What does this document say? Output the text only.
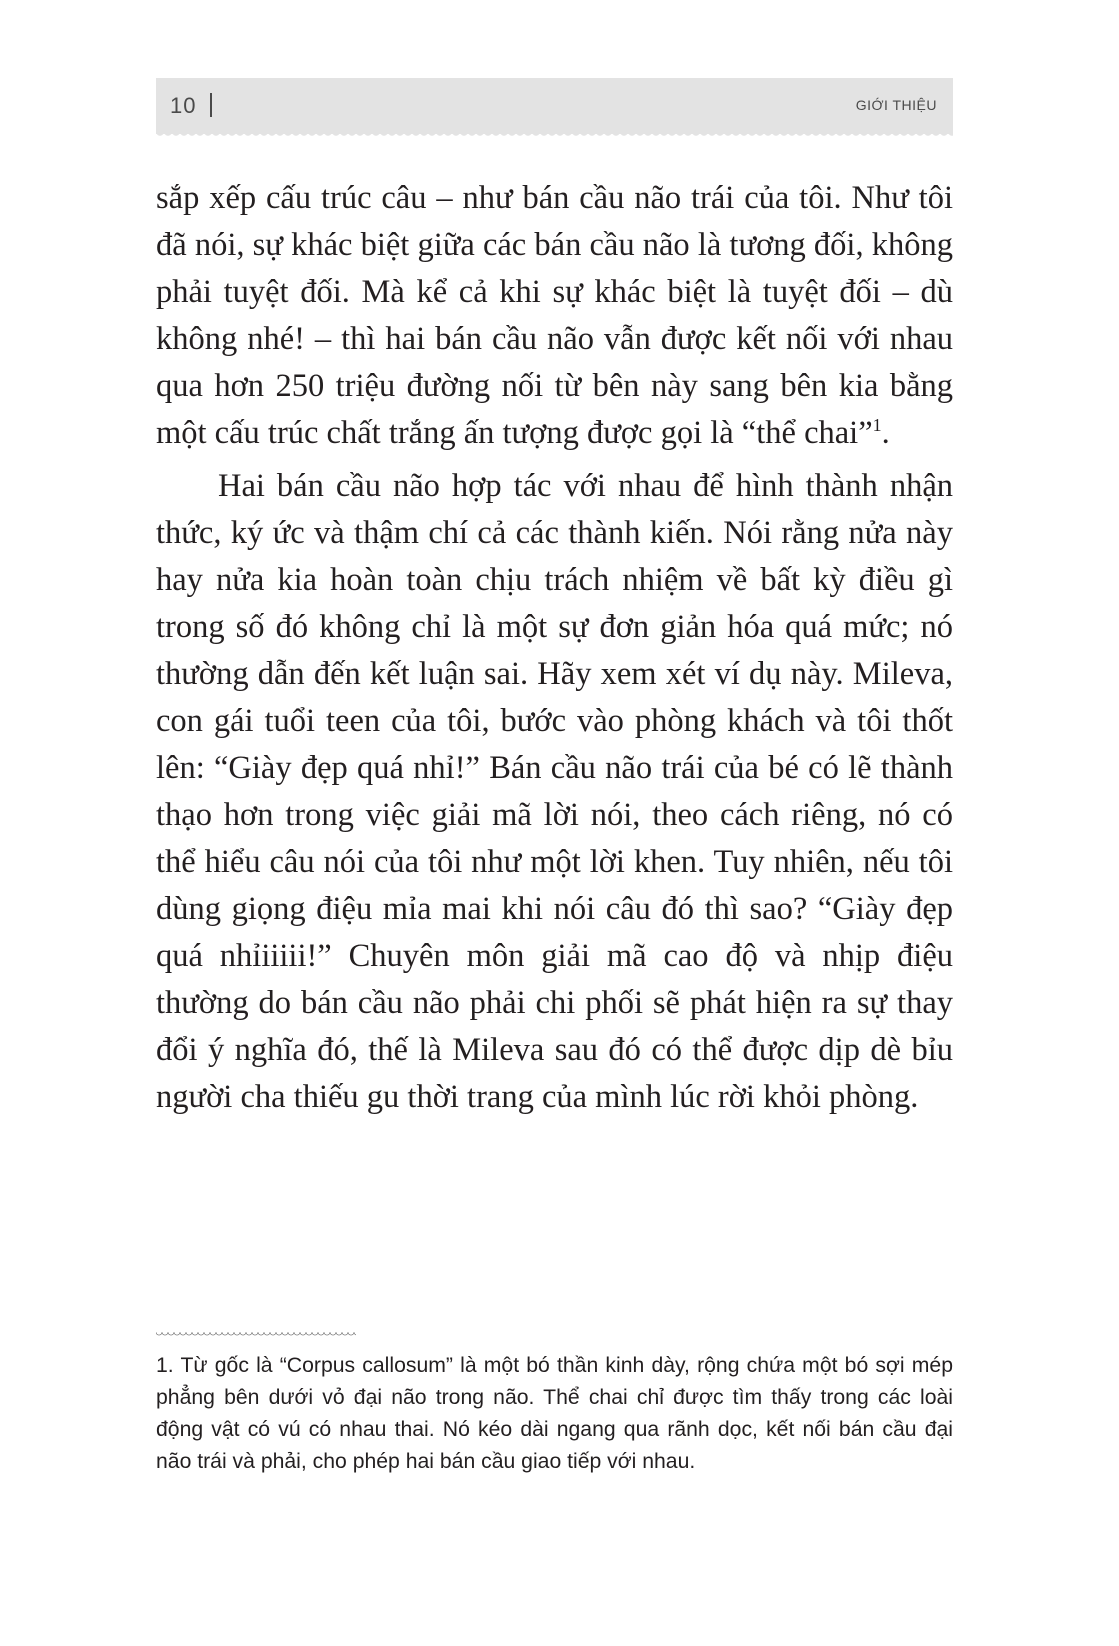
10	GIỚI THIỆU

sắp xếp cấu trúc câu – như bán cầu não trái của tôi. Như tôi đã nói, sự khác biệt giữa các bán cầu não là tương đối, không phải tuyệt đối. Mà kể cả khi sự khác biệt là tuyệt đối – dù không nhé! – thì hai bán cầu não vẫn được kết nối với nhau qua hơn 250 triệu đường nối từ bên này sang bên kia bằng một cấu trúc chất trắng ấn tượng được gọi là “thể chai”$^1$.

Hai bán cầu não hợp tác với nhau để hình thành nhận thức, ký ức và thậm chí cả các thành kiến. Nói rằng nửa này hay nửa kia hoàn toàn chịu trách nhiệm về bất kỳ điều gì trong số đó không chỉ là một sự đơn giản hóa quá mức; nó thường dẫn đến kết luận sai. Hãy xem xét ví dụ này. Mileva, con gái tuổi teen của tôi, bước vào phòng khách và tôi thốt lên: “Giày đẹp quá nhỉ!” Bán cầu não trái của bé có lẽ thành thạo hơn trong việc giải mã lời nói, theo cách riêng, nó có thể hiểu câu nói của tôi như một lời khen. Tuy nhiên, nếu tôi dùng giọng điệu mỉa mai khi nói câu đó thì sao? “Giày đẹp quá nhỉiiiii!” Chuyên môn giải mã cao độ và nhịp điệu thường do bán cầu não phải chi phối sẽ phát hiện ra sự thay đổi ý nghĩa đó, thế là Mileva sau đó có thể được dịp dè bỉu người cha thiếu gu thời trang của mình lúc rời khỏi phòng.

1. Từ gốc là “Corpus callosum” là một bó thần kinh dày, rộng chứa một bó sợi mép phẳng bên dưới vỏ đại não trong não. Thể chai chỉ được tìm thấy trong các loài động vật có vú có nhau thai. Nó kéo dài ngang qua rãnh dọc, kết nối bán cầu đại não trái và phải, cho phép hai bán cầu giao tiếp với nhau.
